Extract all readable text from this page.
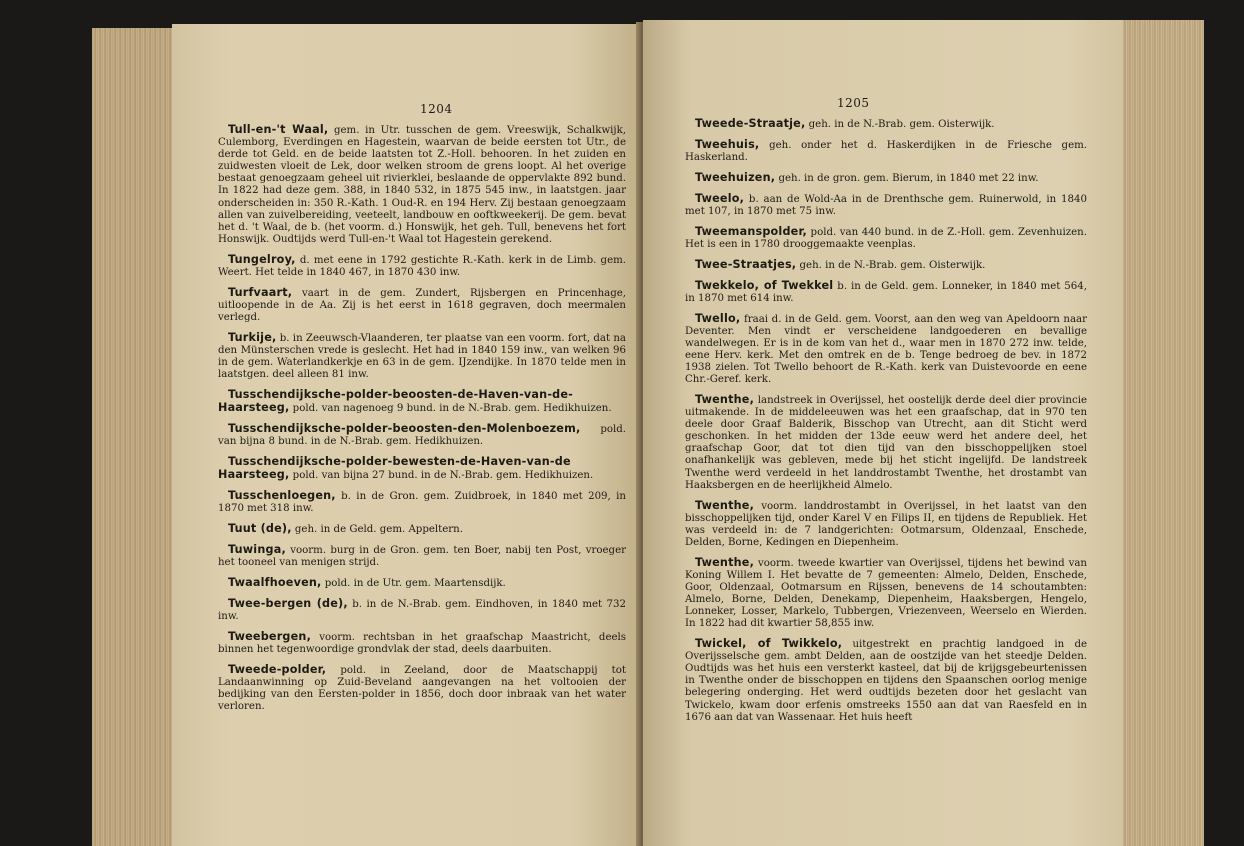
1204

Tull-en-'t Waal, gem. in Utr. tusschen de gem. Vreeswijk, Schalkwijk, Culemborg, Everdingen en Hagestein, waarvan de beide eersten tot Utr., de derde tot Geld. en de beide laatsten tot Z.-Holl. behooren. In het zuiden en zuidwesten vloeit de Lek, door welken stroom de grens loopt. Al het overige bestaat genoegzaam geheel uit rivierklei, beslaande de oppervlakte 892 bund. In 1822 had deze gem. 388, in 1840 532, in 1875 545 inw., in laatstgen. jaar onderscheiden in: 350 R.-Kath. 1 Oud-R. en 194 Herv. Zij bestaan genoegzaam allen van zuivelbereiding, veeteelt, landbouw en ooftkweekerij. De gem. bevat het d. 't Waal, de b. (het voorm. d.) Honswijk, het geh. Tull, benevens het fort Honswijk. Oudtijds werd Tull-en-'t Waal tot Hagestein gerekend.

Tungelroy, d. met eene in 1792 gestichte R.-Kath. kerk in de Limb. gem. Weert. Het telde in 1840 467, in 1870 430 inw.

Turfvaart, vaart in de gem. Zundert, Rijsbergen en Princenhage, uitloopende in de Aa. Zij is het eerst in 1618 gegraven, doch meermalen verlegd.

Turkije, b. in Zeeuwsch-Vlaanderen, ter plaatse van een voorm. fort, dat na den Münsterschen vrede is geslecht. Het had in 1840 159 inw., van welken 96 in de gem. Waterlandkerkje en 63 in de gem. IJzendijke. In 1870 telde men in laatstgen. deel alleen 81 inw.

Tusschendijksche-polder-beoosten-de-Haven-van-de-Haarsteeg, pold. van nagenoeg 9 bund. in de N.-Brab. gem. Hedikhuizen.

Tusschendijksche-polder-beoosten-den-Molenboezem, pold. van bijna 8 bund. in de N.-Brab. gem. Hedikhuizen.

Tusschendijksche-polder-bewesten-de-Haven-van-de Haarsteeg, pold. van bijna 27 bund. in de N.-Brab. gem. Hedikhuizen.

Tusschenloegen, b. in de Gron. gem. Zuidbroek, in 1840 met 209, in 1870 met 318 inw.

Tuut (de), geh. in de Geld. gem. Appeltern.

Tuwinga, voorm. burg in de Gron. gem. ten Boer, nabij ten Post, vroeger het tooneel van menigen strijd.

Twaalfhoeven, pold. in de Utr. gem. Maartensdijk.

Twee-bergen (de), b. in de N.-Brab. gem. Eindhoven, in 1840 met 732 inw.

Tweebergen, voorm. rechtsban in het graafschap Maastricht, deels binnen het tegenwoordige grondvlak der stad, deels daarbuiten.

Tweede-polder, pold. in Zeeland, door de Maatschappij tot Landaanwinning op Zuid-Beveland aangevangen na het voltooien der bedijking van den Eersten-polder in 1856, doch door inbraak van het water verloren.

1205

Tweede-Straatje, geh. in de N.-Brab. gem. Oisterwijk.

Tweehuis, geh. onder het d. Haskerdijken in de Friesche gem. Haskerland.

Tweehuizen, geh. in de gron. gem. Bierum, in 1840 met 22 inw.

Tweelo, b. aan de Wold-Aa in de Drenthsche gem. Ruinerwold, in 1840 met 107, in 1870 met 75 inw.

Tweemanspolder, pold. van 440 bund. in de Z.-Holl. gem. Zevenhuizen. Het is een in 1780 drooggemaakte veenplas.

Twee-Straatjes, geh. in de N.-Brab. gem. Oisterwijk.

Twekkelo, of Twekkel b. in de Geld. gem. Lonneker, in 1840 met 564, in 1870 met 614 inw.

Twello, fraai d. in de Geld. gem. Voorst, aan den weg van Apeldoorn naar Deventer. Men vindt er verscheidene landgoederen en bevallige wandelwegen. Er is in de kom van het d., waar men in 1870 272 inw. telde, eene Herv. kerk. Met den omtrek en de b. Tenge bedroeg de bev. in 1872 1938 zielen. Tot Twello behoort de R.-Kath. kerk van Duistevoorde en eene Chr.-Geref. kerk.

Twenthe, landstreek in Overijssel, het oostelijk derde deel dier provincie uitmakende. In de middeleeuwen was het een graafschap, dat in 970 ten deele door Graaf Balderik, Bisschop van Utrecht, aan dit Sticht werd geschonken. In het midden der 13de eeuw werd het andere deel, het graafschap Goor, dat tot dien tijd van den bisschoppelijken stoel onafhankelijk was gebleven, mede bij het sticht ingelijfd. De landstreek Twenthe werd verdeeld in het landdrostambt Twenthe, het drostambt van Haaksbergen en de heerlijkheid Almelo.

Twenthe, voorm. landdrostambt in Overijssel, in het laatst van den bisschoppelijken tijd, onder Karel V en Filips II, en tijdens de Republiek. Het was verdeeld in: de 7 landgerichten: Ootmarsum, Oldenzaal, Enschede, Delden, Borne, Kedingen en Diepenheim.

Twenthe, voorm. tweede kwartier van Overijssel, tijdens het bewind van Koning Willem I. Het bevatte de 7 gemeenten: Almelo, Delden, Enschede, Goor, Oldenzaal, Ootmarsum en Rijssen, benevens de 14 schoutambten: Almelo, Borne, Delden, Denekamp, Diepenheim, Haaksbergen, Hengelo, Lonneker, Losser, Markelo, Tubbergen, Vriezenveen, Weerselo en Wierden. In 1822 had dit kwartier 58,855 inw.

Twickel, of Twikkelo, uitgestrekt en prachtig landgoed in de Overijsselsche gem. ambt Delden, aan de oostzijde van het steedje Delden. Oudtijds was het huis een versterkt kasteel, dat bij de krijgsgebeurtenissen in Twenthe onder de bisschoppen en tijdens den Spaanschen oorlog menige belegering onderging. Het werd oudtijds bezeten door het geslacht van Twickelo, kwam door erfenis omstreeks 1550 aan dat van Raesfeld en in 1676 aan dat van Wassenaar. Het huis heeft
